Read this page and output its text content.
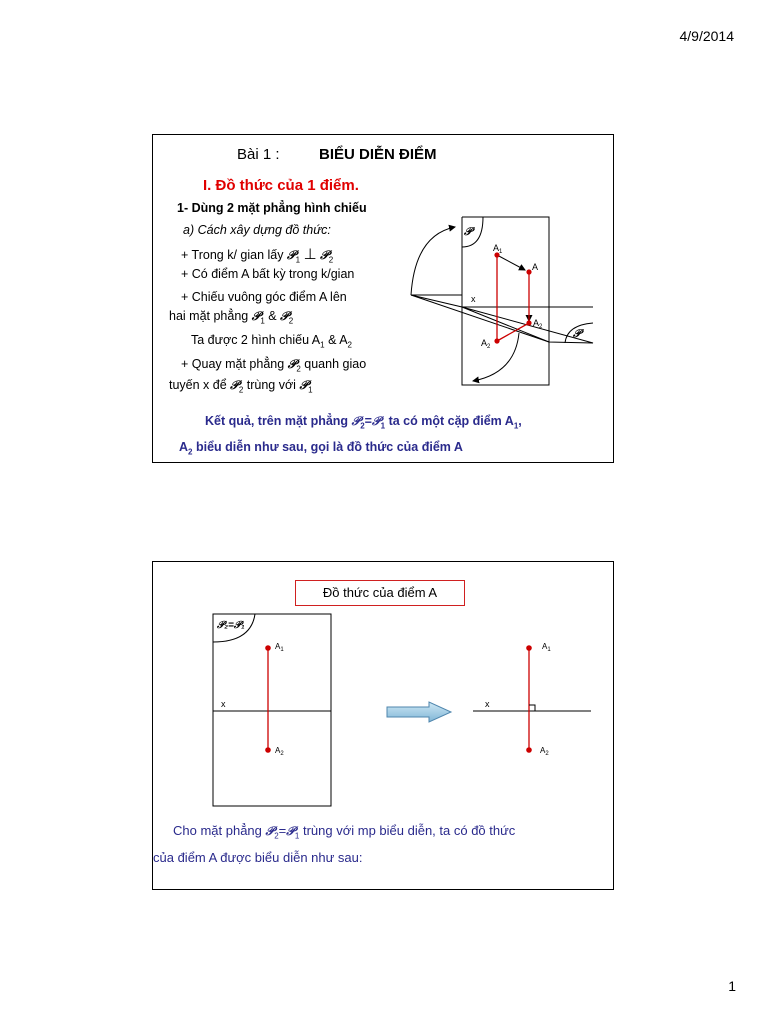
4/9/2014
1
Bài 1 :	BIỂU DIỄN ĐIỂM
I. Đồ thức của 1 điểm.
1- Dùng 2 mặt phẳng hình chiếu
a) Cách xây dựng đồ thức:
+ Trong k/ gian lấy 𝒫$_1$ ⊥ 𝒫$_2$
+ Có điểm A bất kỳ trong k/gian
+ Chiếu vuông góc điểm A lên
hai mặt phẳng 𝒫$_1$ & 𝒫$_2$
Ta được 2 hình chiếu $A_1$ & $A_2$
+ Quay mặt phẳng 𝒫$_2$ quanh giao
tuyến x để 𝒫$_2$ trùng với 𝒫$_1$
Kết quả, trên mặt phẳng 𝒫$_2$=𝒫$_1$ ta có một cặp điểm $A_1$,
$A_2$ biểu diễn như sau, gọi là đồ thức của điểm A
𝒫
𝒫
$A_1$
A
$A_2$
$A_2$
x
Đồ thức của điểm A
𝒫₂=𝒫₁
$A_1$
$A_2$
x
$A_1$
$A_2$
x
Cho mặt phẳng 𝒫$_2$=𝒫$_1$ trùng với mp biểu diễn, ta có đồ thức
của điểm A được biểu diễn như sau:
